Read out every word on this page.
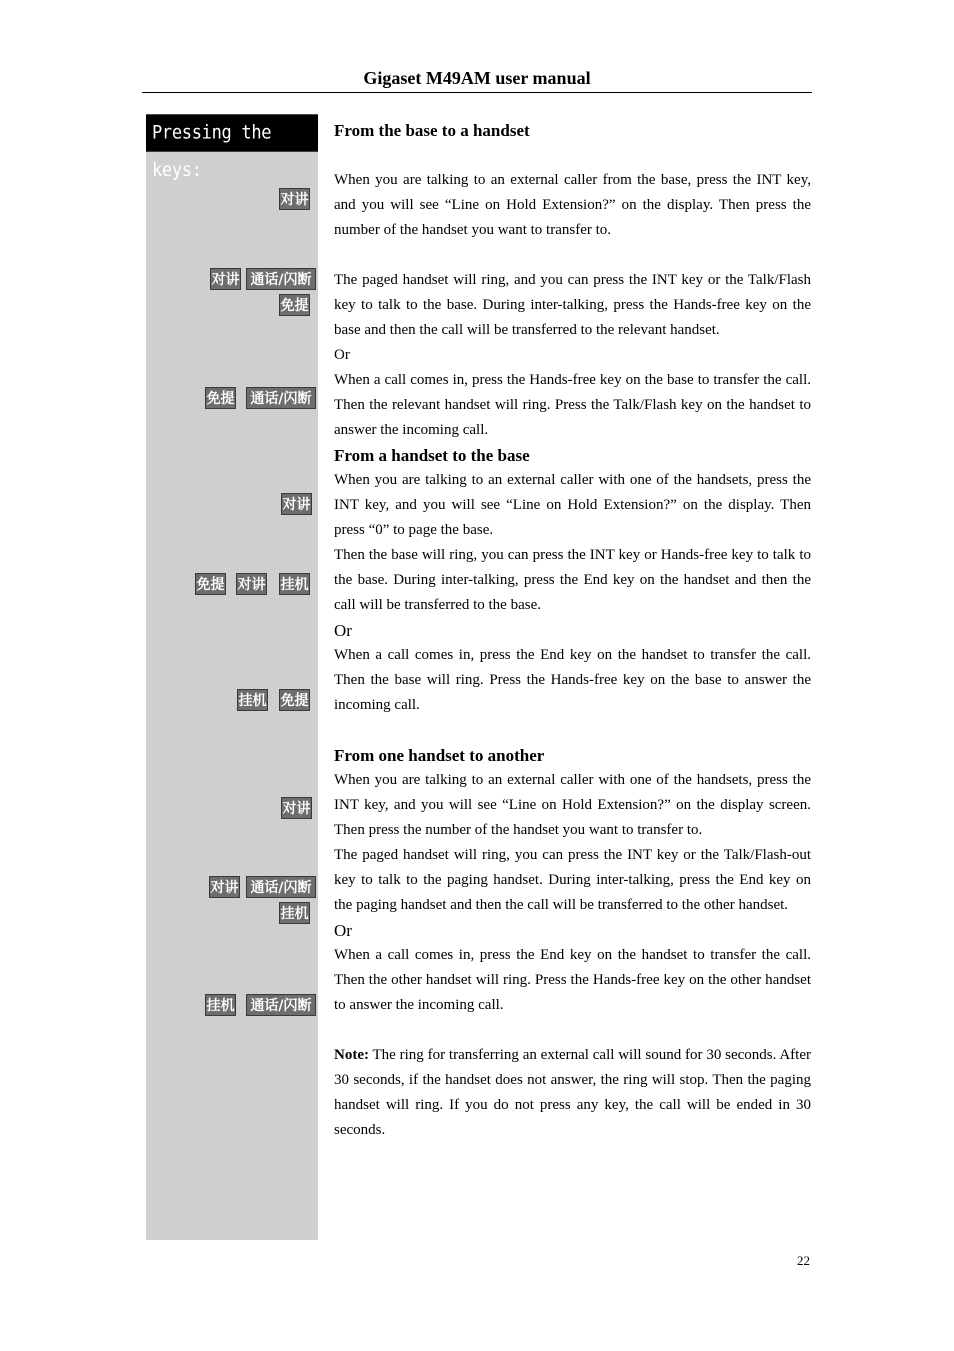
Gigaset M49AM user manual
Pressing the keys:
对讲
对讲 通话/闪断
免提
免提	通话/闪断
对讲
免提 对讲 挂机
挂机 免提
对讲
对讲 通话/闪断
挂机
挂机	通话/闪断

From the base to a handset

When you are talking to an external caller from the base, press the INT key, and you will see “Line on Hold Extension?” on the display. Then press the number of the handset you want to transfer to.

The paged handset will ring, and you can press the INT key or the Talk/Flash key to talk to the base. During inter-talking, press the Hands-free key on the base and then the call will be transferred to the relevant handset.

Or

When a call comes in, press the Hands-free key on the base to transfer the call. Then the relevant handset will ring. Press the Talk/Flash key on the handset to answer the incoming call.

From a handset to the base

When you are talking to an external caller with one of the handsets, press the INT key, and you will see “Line on Hold Extension?” on the display. Then press “0” to page the base.

Then the base will ring, you can press the INT key or Hands-free key to talk to the base. During inter-talking, press the End key on the handset and then the call will be transferred to the base.

Or

When a call comes in, press the End key on the handset to transfer the call. Then the base will ring. Press the Hands-free key on the base to answer the incoming call.

From one handset to another

When you are talking to an external caller with one of the handsets, press the INT key, and you will see “Line on Hold Extension?” on the display screen. Then press the number of the handset you want to transfer to.

The paged handset will ring, you can press the INT key or the Talk/Flash-out key to talk to the paging handset. During inter-talking, press the End key on the paging handset and then the call will be transferred to the other handset.

Or

When a call comes in, press the End key on the handset to transfer the call. Then the other handset will ring. Press the Hands-free key on the other handset to answer the incoming call.

Note: The ring for transferring an external call will sound for 30 seconds. After 30 seconds, if the handset does not answer, the ring will stop. Then the paging handset will ring. If you do not press any key, the call will be ended in 30 seconds.

22
